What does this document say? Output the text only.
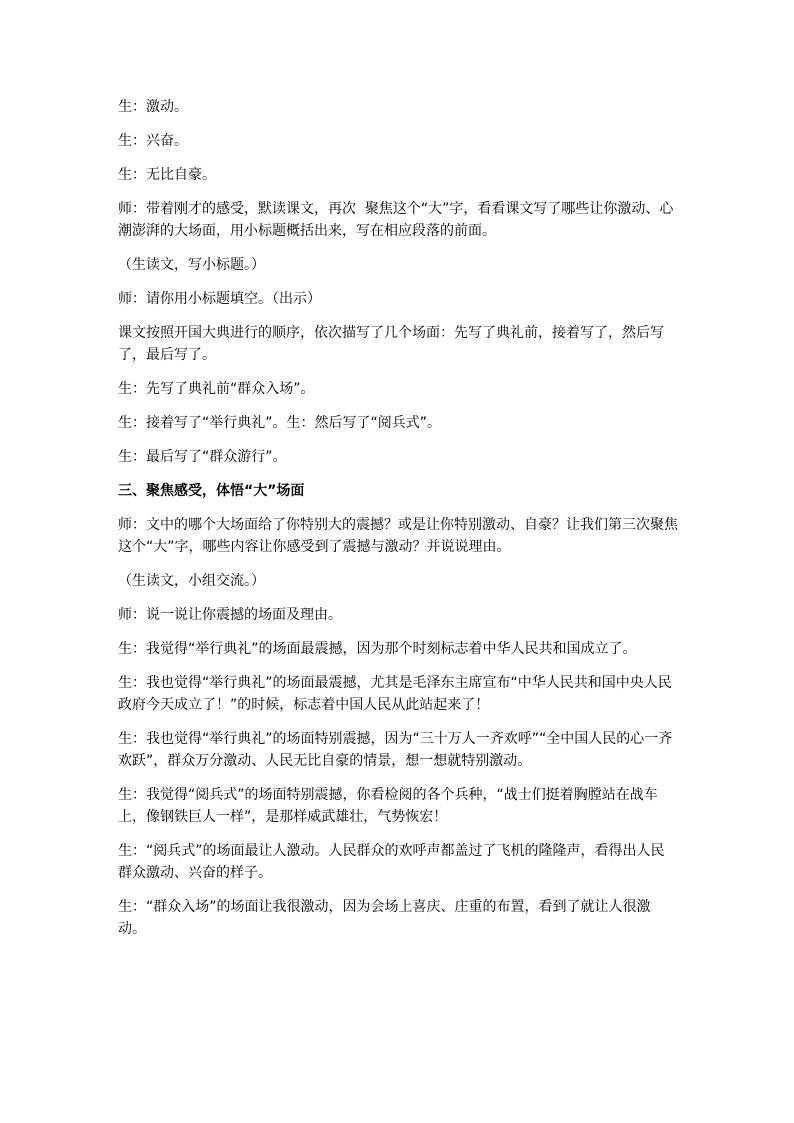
生：激动。

生：兴奋。

生：无比自豪。

师：带着刚才的感受，默读课文，再次  聚焦这个“大”字，看看课文写了哪些让你激动、心潮澎湃的大场面，用小标题概括出来，写在相应段落的前面。

（生读文，写小标题。）

师：请你用小标题填空。（出示）

课文按照开国大典进行的顺序，依次描写了几个场面：先写了典礼前，接着写了，然后写了，最后写了。

生：先写了典礼前“群众入场”。

生：接着写了“举行典礼”。生：然后写了“阅兵式”。

生：最后写了“群众游行”。

三、聚焦感受，体悟“大”场面

师：文中的哪个大场面给了你特别大的震撼？或是让你特别激动、自豪？让我们第三次聚焦这个“大”字，哪些内容让你感受到了震撼与激动？并说说理由。

（生读文，小组交流。）

师：说一说让你震撼的场面及理由。

生：我觉得“举行典礼”的场面最震撼，因为那个时刻标志着中华人民共和国成立了。

生：我也觉得“举行典礼”的场面最震撼，尤其是毛泽东主席宣布“中华人民共和国中央人民政府今天成立了！”的时候，标志着中国人民从此站起来了！

生：我也觉得“举行典礼”的场面特别震撼，因为“三十万人一齐欢呼”“全中国人民的心一齐欢跃”，群众万分激动、人民无比自豪的情景，想一想就特别激动。

生：我觉得“阅兵式”的场面特别震撼，你看检阅的各个兵种，“战士们挺着胸膛站在战车上，像钢铁巨人一样”，是那样威武雄壮，气势恢宏！

生：“阅兵式”的场面最让人激动。人民群众的欢呼声都盖过了飞机的隆隆声，看得出人民群众激动、兴奋的样子。

生：“群众入场”的场面让我很激动，因为会场上喜庆、庄重的布置，看到了就让人很激动。
